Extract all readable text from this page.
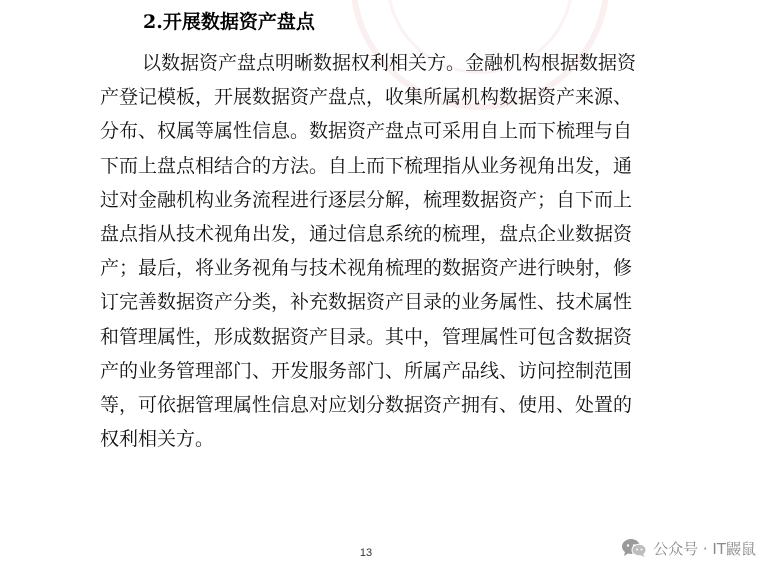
2.开展数据资产盘点
以数据资产盘点明晰数据权利相关方。金融机构根据数据资
产登记模板，开展数据资产盘点，收集所属机构数据资产来源、
分布、权属等属性信息。数据资产盘点可采用自上而下梳理与自
下而上盘点相结合的方法。自上而下梳理指从业务视角出发，通
过对金融机构业务流程进行逐层分解，梳理数据资产；自下而上
盘点指从技术视角出发，通过信息系统的梳理，盘点企业数据资
产；最后，将业务视角与技术视角梳理的数据资产进行映射，修
订完善数据资产分类，补充数据资产目录的业务属性、技术属性
和管理属性，形成数据资产目录。其中，管理属性可包含数据资
产的业务管理部门、开发服务部门、所属产品线、访问控制范围
等，可依据管理属性信息对应划分数据资产拥有、使用、处置的
权利相关方。
13	公众号 · IT鼹鼠
